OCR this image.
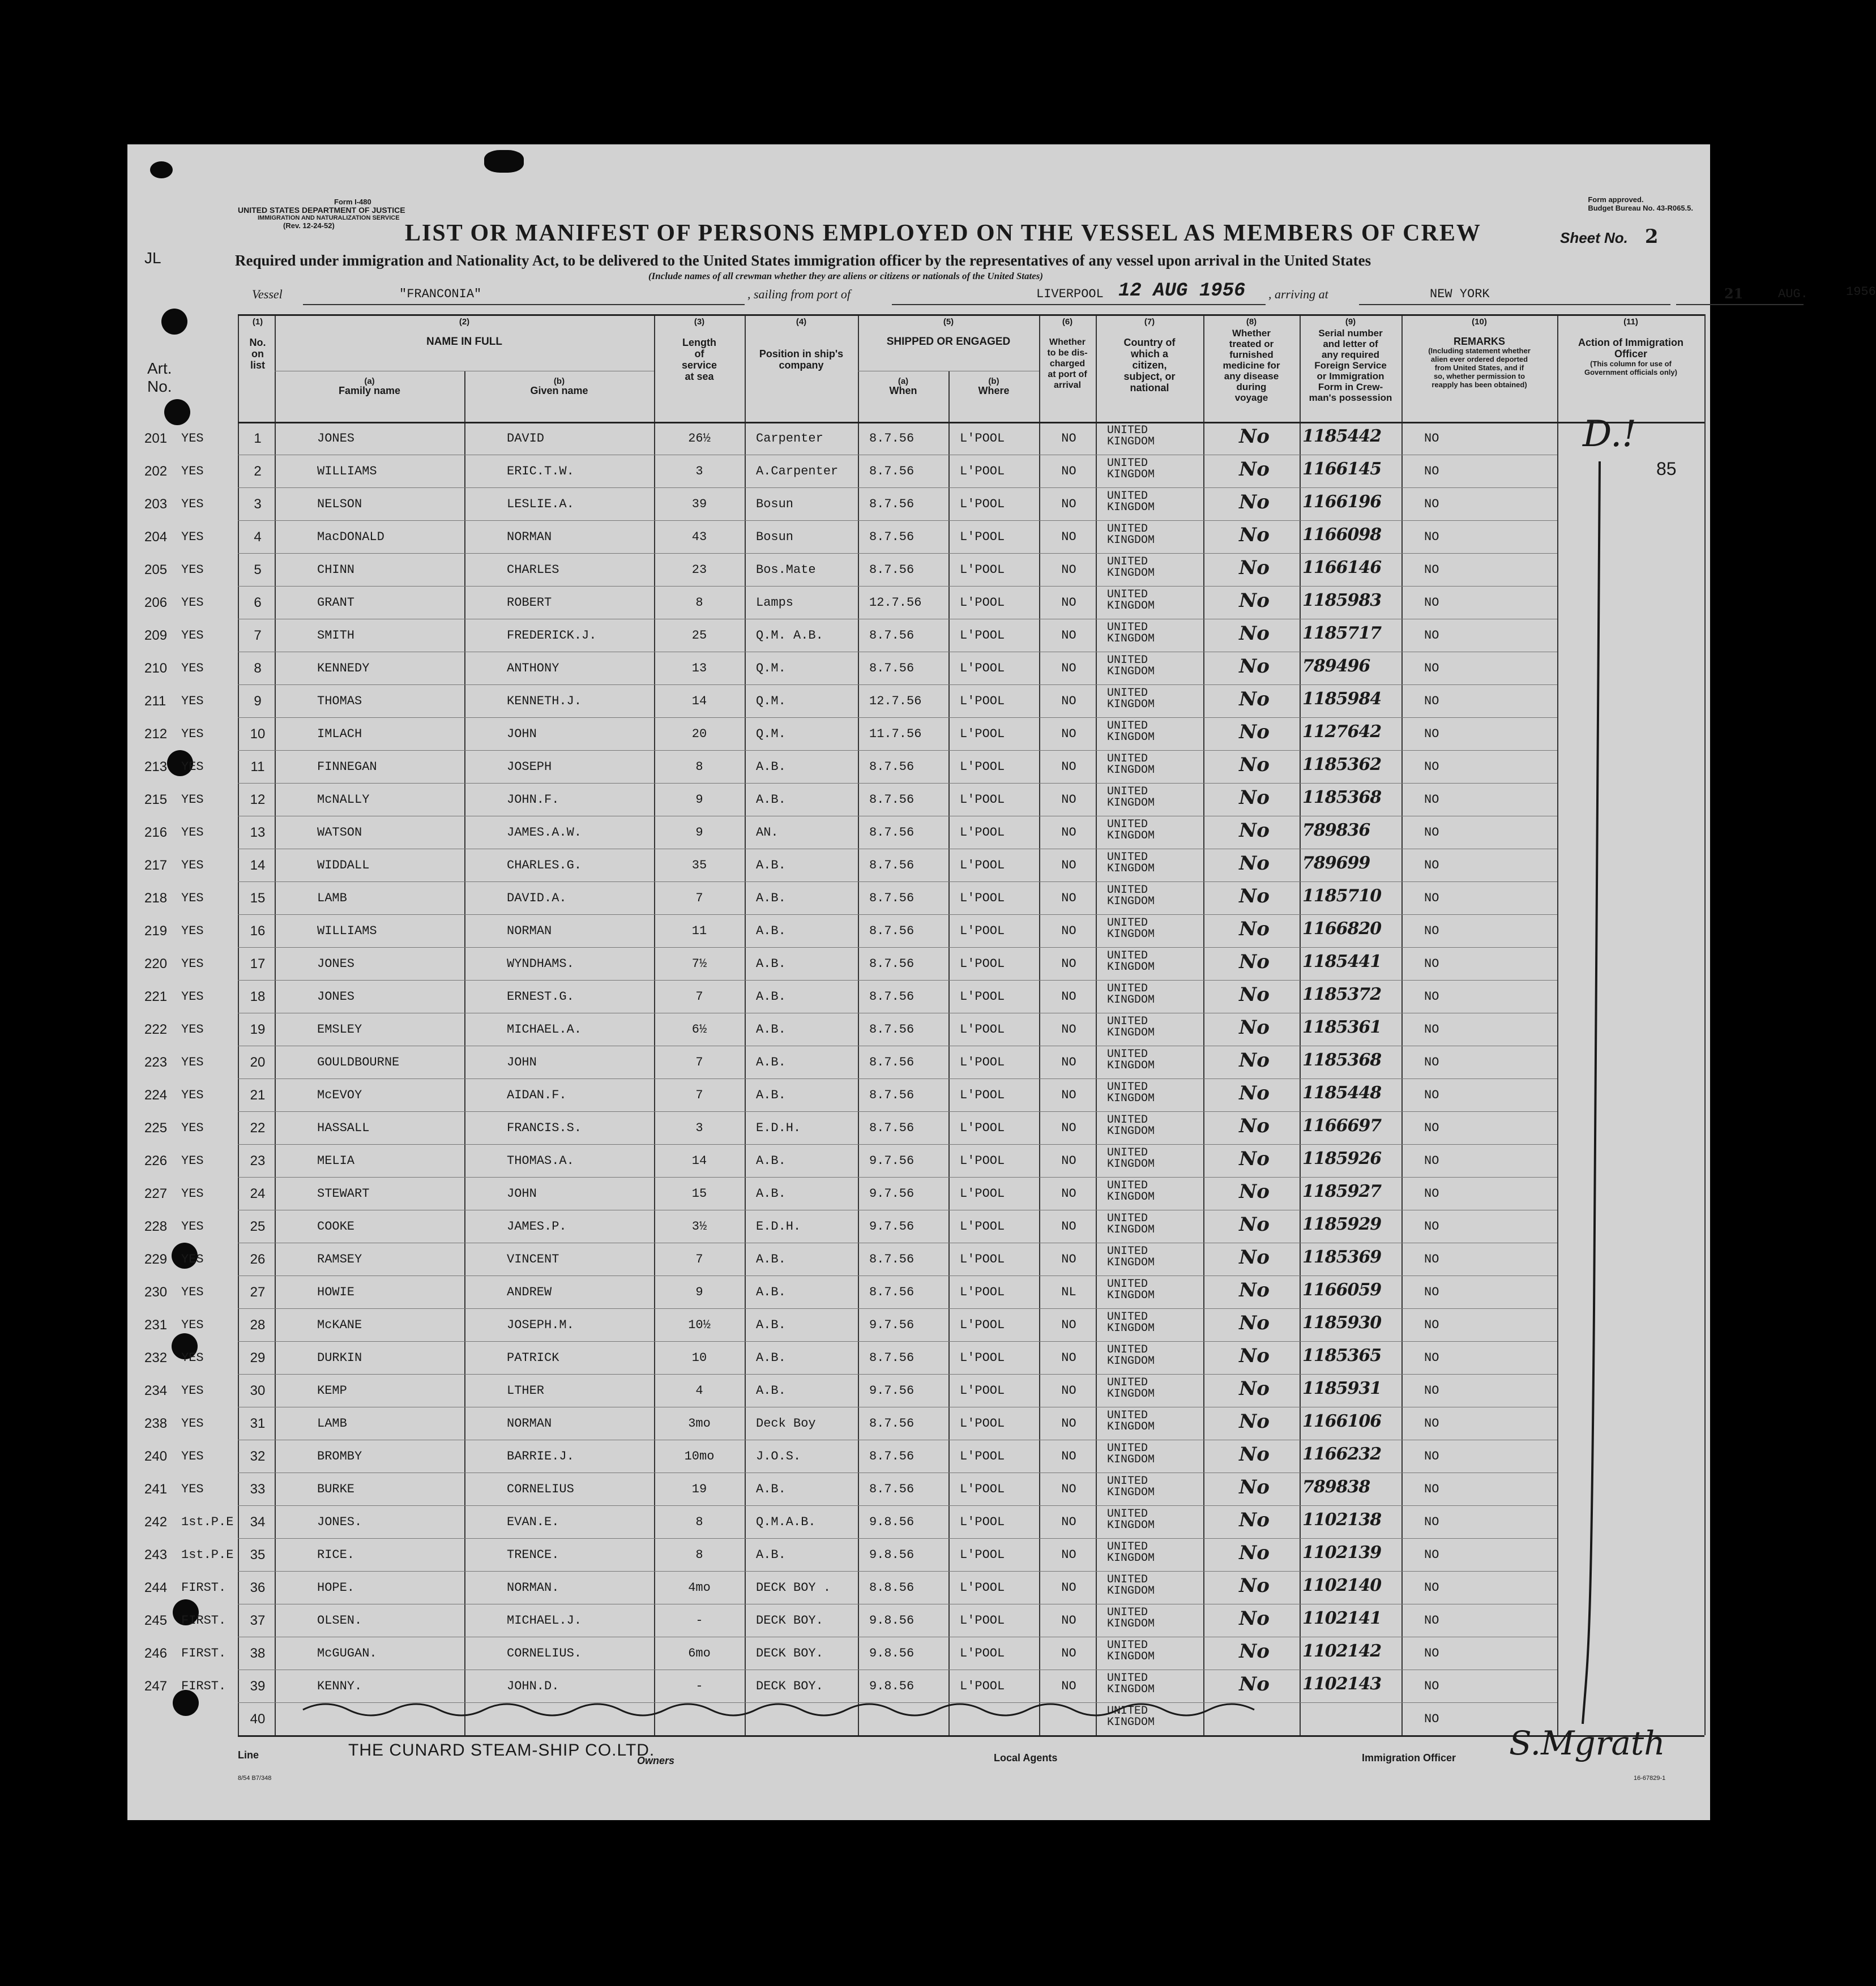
JL
Art.
No.
Form I-480
UNITED STATES DEPARTMENT OF JUSTICE
IMMIGRATION AND NATURALIZATION SERVICE
(Rev. 12-24-52)
Form approved.
Budget Bureau No. 43-R065.5.
LIST OR MANIFEST OF PERSONS EMPLOYED ON THE VESSEL AS MEMBERS OF CREW	Sheet No. 2
Required under immigration and Nationality Act, to be delivered to the United States immigration officer by the representatives of any vessel upon arrival in the United States
(Include names of all crewman whether they are aliens or citizens or nationals of the United States)
Vessel	"FRANCONIA"	, sailing from port of	LIVERPOOL 12 AUG 1956 , arriving at	NEW YORK	21	AUG.	1956
(1)
No.
on
list
(2)
NAME IN FULL
(a)
Family name
(b)
Given name
(3)
Length
of
service
at sea
(4)
Position in ship's
company
(5)
SHIPPED OR ENGAGED
(a)
When
(b)
Where
(6)
Whether
to be dis-
charged
at port of
arrival
(7)
Country of
which a
citizen,
subject, or
national
(8)
Whether
treated or
furnished
medicine for
any disease
during
voyage
(9)
Serial number
and letter of
any required
Foreign Service
or Immigration
Form in Crew-
man's possession
(10)
REMARKS
(Including statement whether
alien ever ordered deported
from United States, and if
so, whether permission to
reapply has been obtained)
(11)
Action of Immigration
Officer
(This column for use of
Government officials only)
201	YES	1	JONES	DAVID	26½	Carpenter	8.7.56	L'POOL	NO
UNITED
KINGDOM	No	1185442	NO
202	YES	2	WILLIAMS	ERIC.T.W.	3	A.Carpenter	8.7.56	L'POOL	NO
UNITED
KINGDOM	No	1166145	NO
203	YES	3	NELSON	LESLIE.A.	39	Bosun	8.7.56	L'POOL	NO
UNITED
KINGDOM	No	1166196	NO
204	YES	4	MacDONALD	NORMAN	43	Bosun	8.7.56	L'POOL	NO
UNITED
KINGDOM	No	1166098	NO
205	YES	5	CHINN	CHARLES	23	Bos.Mate	8.7.56	L'POOL	NO
UNITED
KINGDOM	No	1166146	NO
206	YES	6	GRANT	ROBERT	8	Lamps	12.7.56	L'POOL	NO
UNITED
KINGDOM	No	1185983	NO
209	YES	7	SMITH	FREDERICK.J.	25	Q.M. A.B.	8.7.56	L'POOL	NO
UNITED
KINGDOM	No	1185717	NO
210	YES	8	KENNEDY	ANTHONY	13	Q.M.	8.7.56	L'POOL	NO
UNITED
KINGDOM	No	789496	NO
211	YES	9	THOMAS	KENNETH.J.	14	Q.M.	12.7.56	L'POOL	NO
UNITED
KINGDOM	No	1185984	NO
212	YES	10	IMLACH	JOHN	20	Q.M.	11.7.56	L'POOL	NO
UNITED
KINGDOM	No	1127642	NO
213	YES	11	FINNEGAN	JOSEPH	8	A.B.	8.7.56	L'POOL	NO
UNITED
KINGDOM	No	1185362	NO
215	YES	12	McNALLY	JOHN.F.	9	A.B.	8.7.56	L'POOL	NO
UNITED
KINGDOM	No	1185368	NO
216	YES	13	WATSON	JAMES.A.W.	9	AN.	8.7.56	L'POOL	NO
UNITED
KINGDOM	No	789836	NO
217	YES	14	WIDDALL	CHARLES.G.	35	A.B.	8.7.56	L'POOL	NO
UNITED
KINGDOM	No	789699	NO
218	YES	15	LAMB	DAVID.A.	7	A.B.	8.7.56	L'POOL	NO
UNITED
KINGDOM	No	1185710	NO
219	YES	16	WILLIAMS	NORMAN	11	A.B.	8.7.56	L'POOL	NO
UNITED
KINGDOM	No	1166820	NO
220	YES	17	JONES	WYNDHAMS.	7½	A.B.	8.7.56	L'POOL	NO
UNITED
KINGDOM	No	1185441	NO
221	YES	18	JONES	ERNEST.G.	7	A.B.	8.7.56	L'POOL	NO
UNITED
KINGDOM	No	1185372	NO
222	YES	19	EMSLEY	MICHAEL.A.	6½	A.B.	8.7.56	L'POOL	NO
UNITED
KINGDOM	No	1185361	NO
223	YES	20	GOULDBOURNE	JOHN	7	A.B.	8.7.56	L'POOL	NO
UNITED
KINGDOM	No	1185368	NO
224	YES	21	McEVOY	AIDAN.F.	7	A.B.	8.7.56	L'POOL	NO
UNITED
KINGDOM	No	1185448	NO
225	YES	22	HASSALL	FRANCIS.S.	3	E.D.H.	8.7.56	L'POOL	NO
UNITED
KINGDOM	No	1166697	NO
226	YES	23	MELIA	THOMAS.A.	14	A.B.	9.7.56	L'POOL	NO
UNITED
KINGDOM	No	1185926	NO
227	YES	24	STEWART	JOHN	15	A.B.	9.7.56	L'POOL	NO
UNITED
KINGDOM	No	1185927	NO
228	YES	25	COOKE	JAMES.P.	3½	E.D.H.	9.7.56	L'POOL	NO
UNITED
KINGDOM	No	1185929	NO
229	YES	26	RAMSEY	VINCENT	7	A.B.	8.7.56	L'POOL	NO
UNITED
KINGDOM	No	1185369	NO
230	YES	27	HOWIE	ANDREW	9	A.B.	8.7.56	L'POOL	NL
UNITED
KINGDOM	No	1166059	NO
231	YES	28	McKANE	JOSEPH.M.	10½	A.B.	9.7.56	L'POOL	NO
UNITED
KINGDOM	No	1185930	NO
232	YES	29	DURKIN	PATRICK	10	A.B.	8.7.56	L'POOL	NO
UNITED
KINGDOM	No	1185365	NO
234	YES	30	KEMP	LTHER	4	A.B.	9.7.56	L'POOL	NO
UNITED
KINGDOM	No	1185931	NO
238	YES	31	LAMB	NORMAN	3mo	Deck Boy	8.7.56	L'POOL	NO
UNITED
KINGDOM	No	1166106	NO
240	YES	32	BROMBY	BARRIE.J.	10mo	J.O.S.	8.7.56	L'POOL	NO
UNITED
KINGDOM	No	1166232	NO
241	YES	33	BURKE	CORNELIUS	19	A.B.	8.7.56	L'POOL	NO
UNITED
KINGDOM	No	789838	NO
242	1st.P.E	34	JONES.	EVAN.E.	8	Q.M.A.B.	9.8.56	L'POOL	NO
UNITED
KINGDOM	No	1102138	NO
243	1st.P.E	35	RICE.	TRENCE.	8	A.B.	9.8.56	L'POOL	NO
UNITED
KINGDOM	No	1102139	NO
244	FIRST.	36	HOPE.	NORMAN.	4mo	DECK BOY .	8.8.56	L'POOL	NO
UNITED
KINGDOM	No	1102140	NO
245	FIRST.	37	OLSEN.	MICHAEL.J.	-	DECK BOY.	9.8.56	L'POOL	NO
UNITED
KINGDOM	No	1102141	NO
246	FIRST.	38	McGUGAN.	CORNELIUS.	6mo	DECK BOY.	9.8.56	L'POOL	NO
UNITED
KINGDOM	No	1102142	NO
247	FIRST.	39	KENNY.	JOHN.D.	-	DECK BOY.	9.8.56	L'POOL	NO
UNITED
KINGDOM	No	1102143	NO
40
UNITED
KINGDOM	NO
D.!
85
Line	THE CUNARD STEAM-SHIP CO.LTD.
Owners	Local Agents	Immigration Officer S.Mgrath
8/54 B7/348	16-67829-1
